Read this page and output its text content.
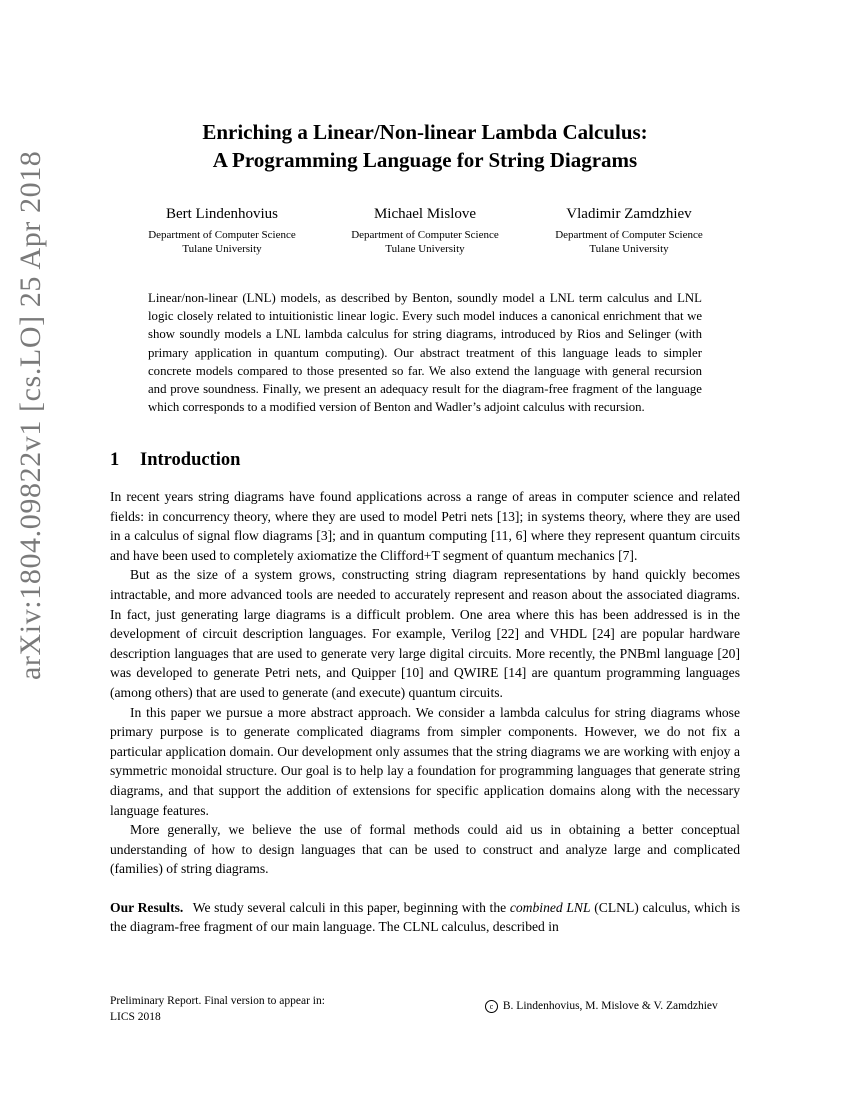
arXiv:1804.09822v1 [cs.LO] 25 Apr 2018
Enriching a Linear/Non-linear Lambda Calculus:
A Programming Language for String Diagrams
Bert Lindenhovius
Department of Computer Science
Tulane University
Michael Mislove
Department of Computer Science
Tulane University
Vladimir Zamdzhiev
Department of Computer Science
Tulane University
Linear/non-linear (LNL) models, as described by Benton, soundly model a LNL term calculus and LNL logic closely related to intuitionistic linear logic. Every such model induces a canonical enrichment that we show soundly models a LNL lambda calculus for string diagrams, introduced by Rios and Selinger (with primary application in quantum computing). Our abstract treatment of this language leads to simpler concrete models compared to those presented so far. We also extend the language with general recursion and prove soundness. Finally, we present an adequacy result for the diagram-free fragment of the language which corresponds to a modified version of Benton and Wadler’s adjoint calculus with recursion.
1 Introduction

In recent years string diagrams have found applications across a range of areas in computer science and related fields: in concurrency theory, where they are used to model Petri nets [13]; in systems theory, where they are used in a calculus of signal flow diagrams [3]; and in quantum computing [11, 6] where they represent quantum circuits and have been used to completely axiomatize the Clifford+T segment of quantum mechanics [7].

But as the size of a system grows, constructing string diagram representations by hand quickly becomes intractable, and more advanced tools are needed to accurately represent and reason about the associated diagrams. In fact, just generating large diagrams is a difficult problem. One area where this has been addressed is in the development of circuit description languages. For example, Verilog [22] and VHDL [24] are popular hardware description languages that are used to generate very large digital circuits. More recently, the PNBml language [20] was developed to generate Petri nets, and Quipper [10] and QWIRE [14] are quantum programming languages (among others) that are used to generate (and execute) quantum circuits.

In this paper we pursue a more abstract approach. We consider a lambda calculus for string diagrams whose primary purpose is to generate complicated diagrams from simpler components. However, we do not fix a particular application domain. Our development only assumes that the string diagrams we are working with enjoy a symmetric monoidal structure. Our goal is to help lay a foundation for programming languages that generate string diagrams, and that support the addition of extensions for specific application domains along with the necessary language features.

More generally, we believe the use of formal methods could aid us in obtaining a better conceptual understanding of how to design languages that can be used to construct and analyze large and complicated (families) of string diagrams.

Our Results. We study several calculi in this paper, beginning with the combined LNL (CLNL) calculus, which is the diagram-free fragment of our main language. The CLNL calculus, described in

Preliminary Report. Final version to appear in:
LICS 2018
c B. Lindenhovius, M. Mislove & V. Zamdzhiev
